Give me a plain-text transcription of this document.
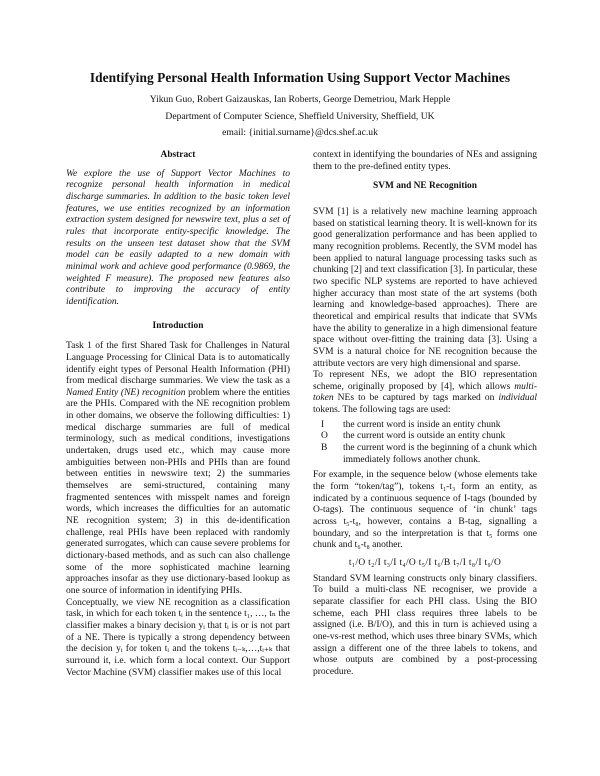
Identifying Personal Health Information Using Support Vector Machines
Yikun Guo, Robert Gaizauskas, Ian Roberts, George Demetriou, Mark Hepple
Department of Computer Science, Sheffield University, Sheffield, UK
email: {initial.surname}@dcs.shef.ac.uk

Abstract

We explore the use of Support Vector Machines to recognize personal health information in medical discharge summaries. In addition to the basic token level features, we use entities recognized by an information extraction system designed for newswire text, plus a set of rules that incorporate entity-specific knowledge. The results on the unseen test dataset show that the SVM model can be easily adapted to a new domain with minimal work and achieve good performance (0.9869, the weighted F measure). The proposed new features also contribute to improving the accuracy of entity identification.

Introduction

Task 1 of the first Shared Task for Challenges in Natural Language Processing for Clinical Data is to automatically identify eight types of Personal Health Information (PHI) from medical discharge summaries. We view the task as a Named Entity (NE) recognition problem where the entities are the PHIs. Compared with the NE recognition problem in other domains, we observe the following difficulties: 1) medical discharge summaries are full of medical terminology, such as medical conditions, investigations undertaken, drugs used etc., which may cause more ambiguities between non-PHIs and PHIs than are found between entities in newswire text; 2) the summaries themselves are semi-structured, containing many fragmented sentences with misspelt names and foreign words, which increases the difficulties for an automatic NE recognition system; 3) in this de-identification challenge, real PHIs have been replaced with randomly generated surrogates, which can cause severe problems for dictionary-based methods, and as such can also challenge some of the more sophisticated machine learning approaches insofar as they use dictionary-based lookup as one source of information in identifying PHIs.

Conceptually, we view NE recognition as a classification task, in which for each token tᵢ in the sentence t₁, …, tₙ the classifier makes a binary decision yᵢ that tᵢ is or is not part of a NE. There is typically a strong dependency between the decision yᵢ for token tᵢ and the tokens tᵢ₋ₖ,…,tᵢ₊ₖ that surround it, i.e. which form a local context. Our Support Vector Machine (SVM) classifier makes use of this local

context in identifying the boundaries of NEs and assigning them to the pre-defined entity types.

SVM and NE Recognition

SVM [1] is a relatively new machine learning approach based on statistical learning theory. It is well-known for its good generalization performance and has been applied to many recognition problems. Recently, the SVM model has been applied to natural language processing tasks such as chunking [2] and text classification [3]. In particular, these two specific NLP systems are reported to have achieved higher accuracy than most state of the art systems (both learning and knowledge-based approaches). There are theoretical and empirical results that indicate that SVMs have the ability to generalize in a high dimensional feature space without over-fitting the training data [3]. Using a SVM is a natural choice for NE recognition because the attribute vectors are very high dimensional and sparse.

To represent NEs, we adopt the BIO representation scheme, originally proposed by [4], which allows multi-token NEs to be captured by tags marked on individual tokens. The following tags are used:

I	the current word is inside an entity chunk
O	the current word is outside an entity chunk
B	the current word is the beginning of a chunk which immediately follows another chunk.

For example, in the sequence below (whose elements take the form “token/tag”), tokens t₁-t₃ form an entity, as indicated by a continuous sequence of I-tags (bounded by O-tags). The continuous sequence of ‘in chunk’ tags across t₅-t₈, however, contains a B-tag, signalling a boundary, and so the interpretation is that t₅ forms one chunk and t₆-t₈ another.

t₁/O t₂/I t₃/I t₄/O t₅/I t₆/B t₇/I t₈/I t₉/O

Standard SVM learning constructs only binary classifiers. To build a multi-class NE recogniser, we provide a separate classifier for each PHI class. Using the BIO scheme, each PHI class requires three labels to be assigned (i.e. B/I/O), and this in turn is achieved using a one-vs-rest method, which uses three binary SVMs, which assign a different one of the three labels to tokens, and whose outputs are combined by a post-processing procedure.
